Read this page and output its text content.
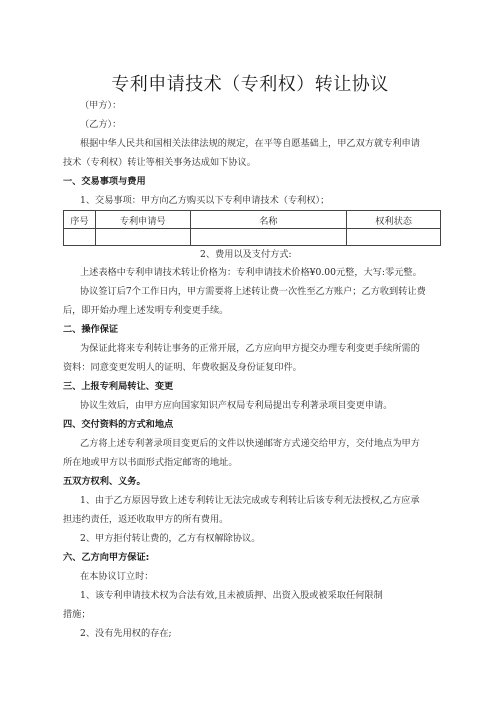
专利申请技术（专利权）转让协议
（甲方）：
（乙方）：
根据中华人民共和国相关法律法规的规定，在平等自愿基础上，甲乙双方就专利申请
技术（专利权）转让等相关事务达成如下协议。
一、交易事项与费用
1、交易事项：甲方向乙方购买以下专利申请技术（专利权）；
序号	专利申请号	名称	权利状态

2、费用以及支付方式:
上述表格中专利申请技术转让价格为：专利申请技术价格¥0.00元整，大写:零元整。
协议签订后7个工作日内，甲方需要将上述转让费一次性至乙方账户；乙方收到转让费
后，即开始办理上述发明专利变更手续。
二、操作保证
为保证此将来专利转让事务的正常开展，乙方应向甲方提交办理专利变更手续所需的
资料：同意变更发明人的证明、年费收据及身份证复印件。
三、上报专利局转让、变更
协议生效后，由甲方应向国家知识产权局专利局提出专利著录项目变更申请。
四、交付资料的方式和地点
乙方将上述专利著录项目变更后的文件以快递邮寄方式递交给甲方，交付地点为甲方
所在地或甲方以书面形式指定邮寄的地址。
五双方权利、义务。
1、由于乙方原因导致上述专利转让无法完成或专利转让后该专利无法授权,乙方应承
担违约责任，返还收取甲方的所有费用。
2、甲方拒付转让费的，乙方有权解除协议。
六、乙方向甲方保证:
在本协议订立时：
1、该专利申请技术权为合法有效,且未被质押、出资入股或被采取任何限制
措施；
2、没有先用权的存在;
